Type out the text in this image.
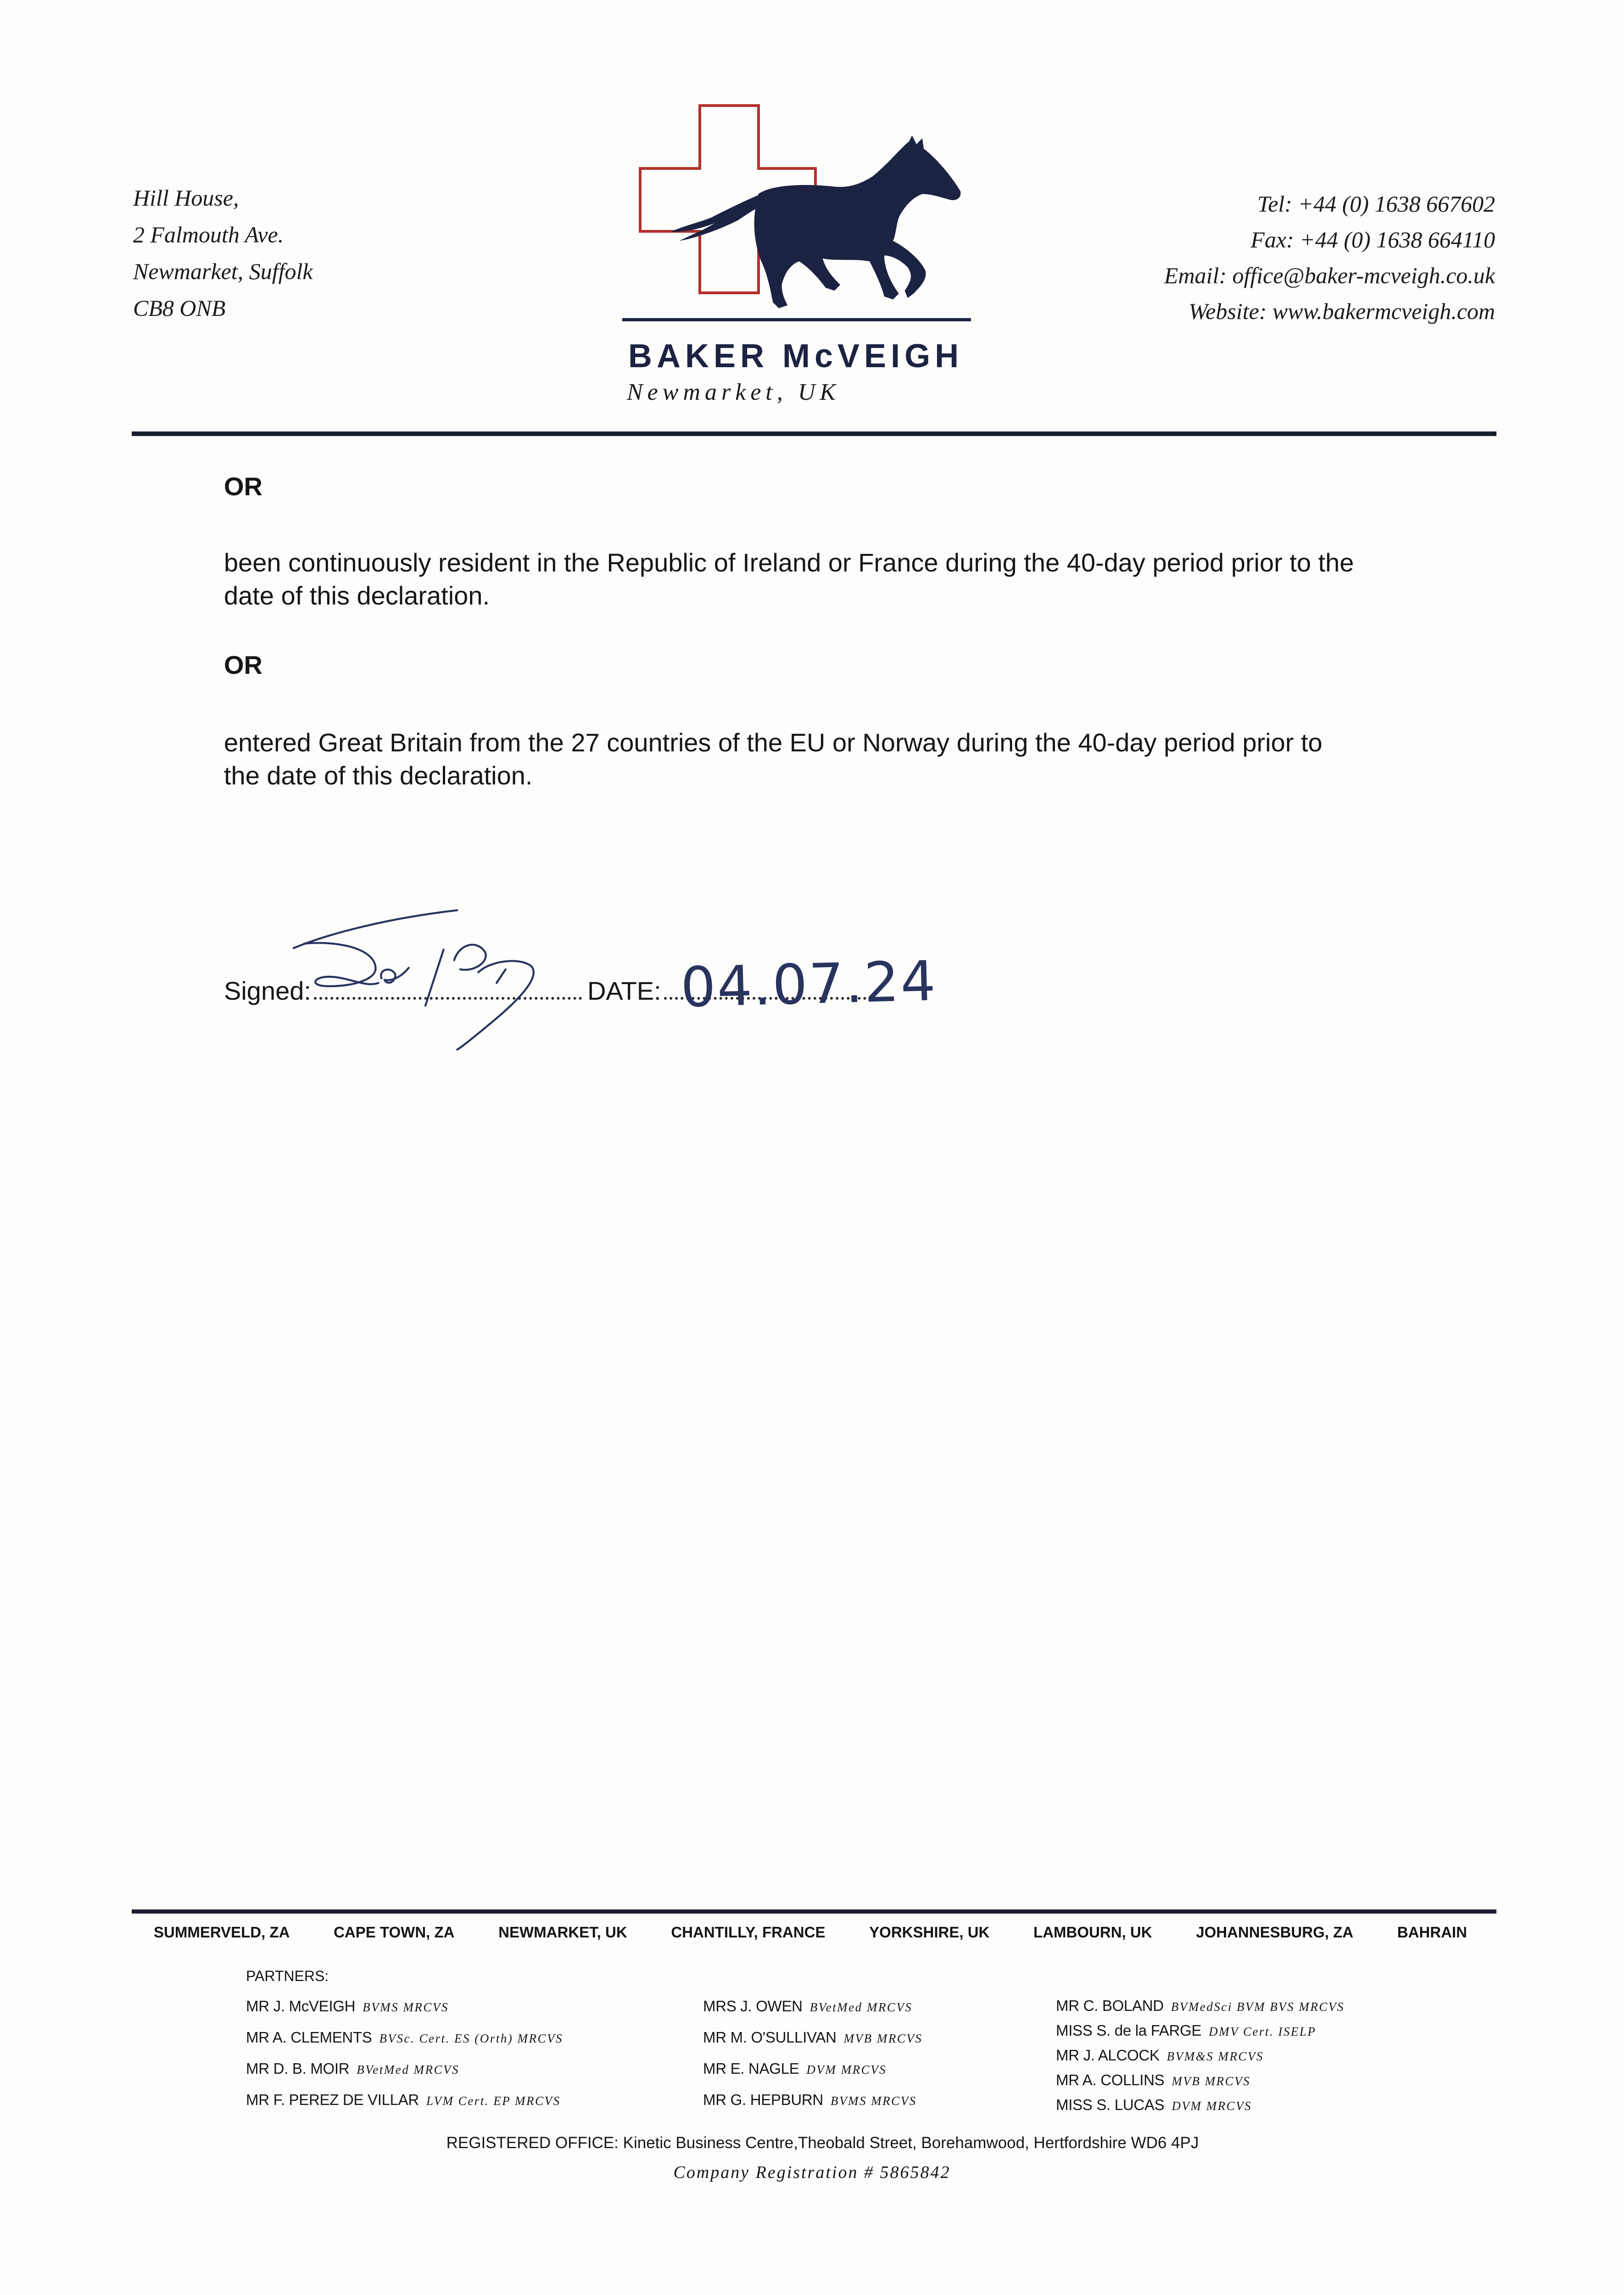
Hill House,
2 Falmouth Ave.
Newmarket, Suffolk
CB8 ONB
BAKER McVEIGH
Newmarket, UK
Tel: +44 (0) 1638 667602
Fax: +44 (0) 1638 664110
Email: office@baker-mcveigh.co.uk
Website: www.bakermcveigh.com
OR
been continuously resident in the Republic of Ireland or France during the 40-day period prior to the
date of this declaration.
OR
entered Great Britain from the 27 countries of the EU or Norway during the 40-day period prior to
the date of this declaration.
Signed:	DATE: 04.07.24
SUMMERVELD, ZA	CAPE TOWN, ZA	NEWMARKET, UK	CHANTILLY, FRANCE	YORKSHIRE, UK	LAMBOURN, UK	JOHANNESBURG, ZA	BAHRAIN
PARTNERS:
MR J. McVEIGH BVMS MRCVS
MR A. CLEMENTS BVSc. Cert. ES (Orth) MRCVS
MR D. B. MOIR BVetMed MRCVS
MR F. PEREZ DE VILLAR LVM Cert. EP MRCVS
MRS J. OWEN BVetMed MRCVS
MR M. O'SULLIVAN MVB MRCVS
MR E. NAGLE DVM MRCVS
MR G. HEPBURN BVMS MRCVS
MR C. BOLAND BVMedSci BVM BVS MRCVS
MISS S. de la FARGE DMV Cert. ISELP
MR J. ALCOCK BVM&S MRCVS
MR A. COLLINS MVB MRCVS
MISS S. LUCAS DVM MRCVS
REGISTERED OFFICE: Kinetic Business Centre,Theobald Street, Borehamwood, Hertfordshire WD6 4PJ
Company Registration # 5865842
